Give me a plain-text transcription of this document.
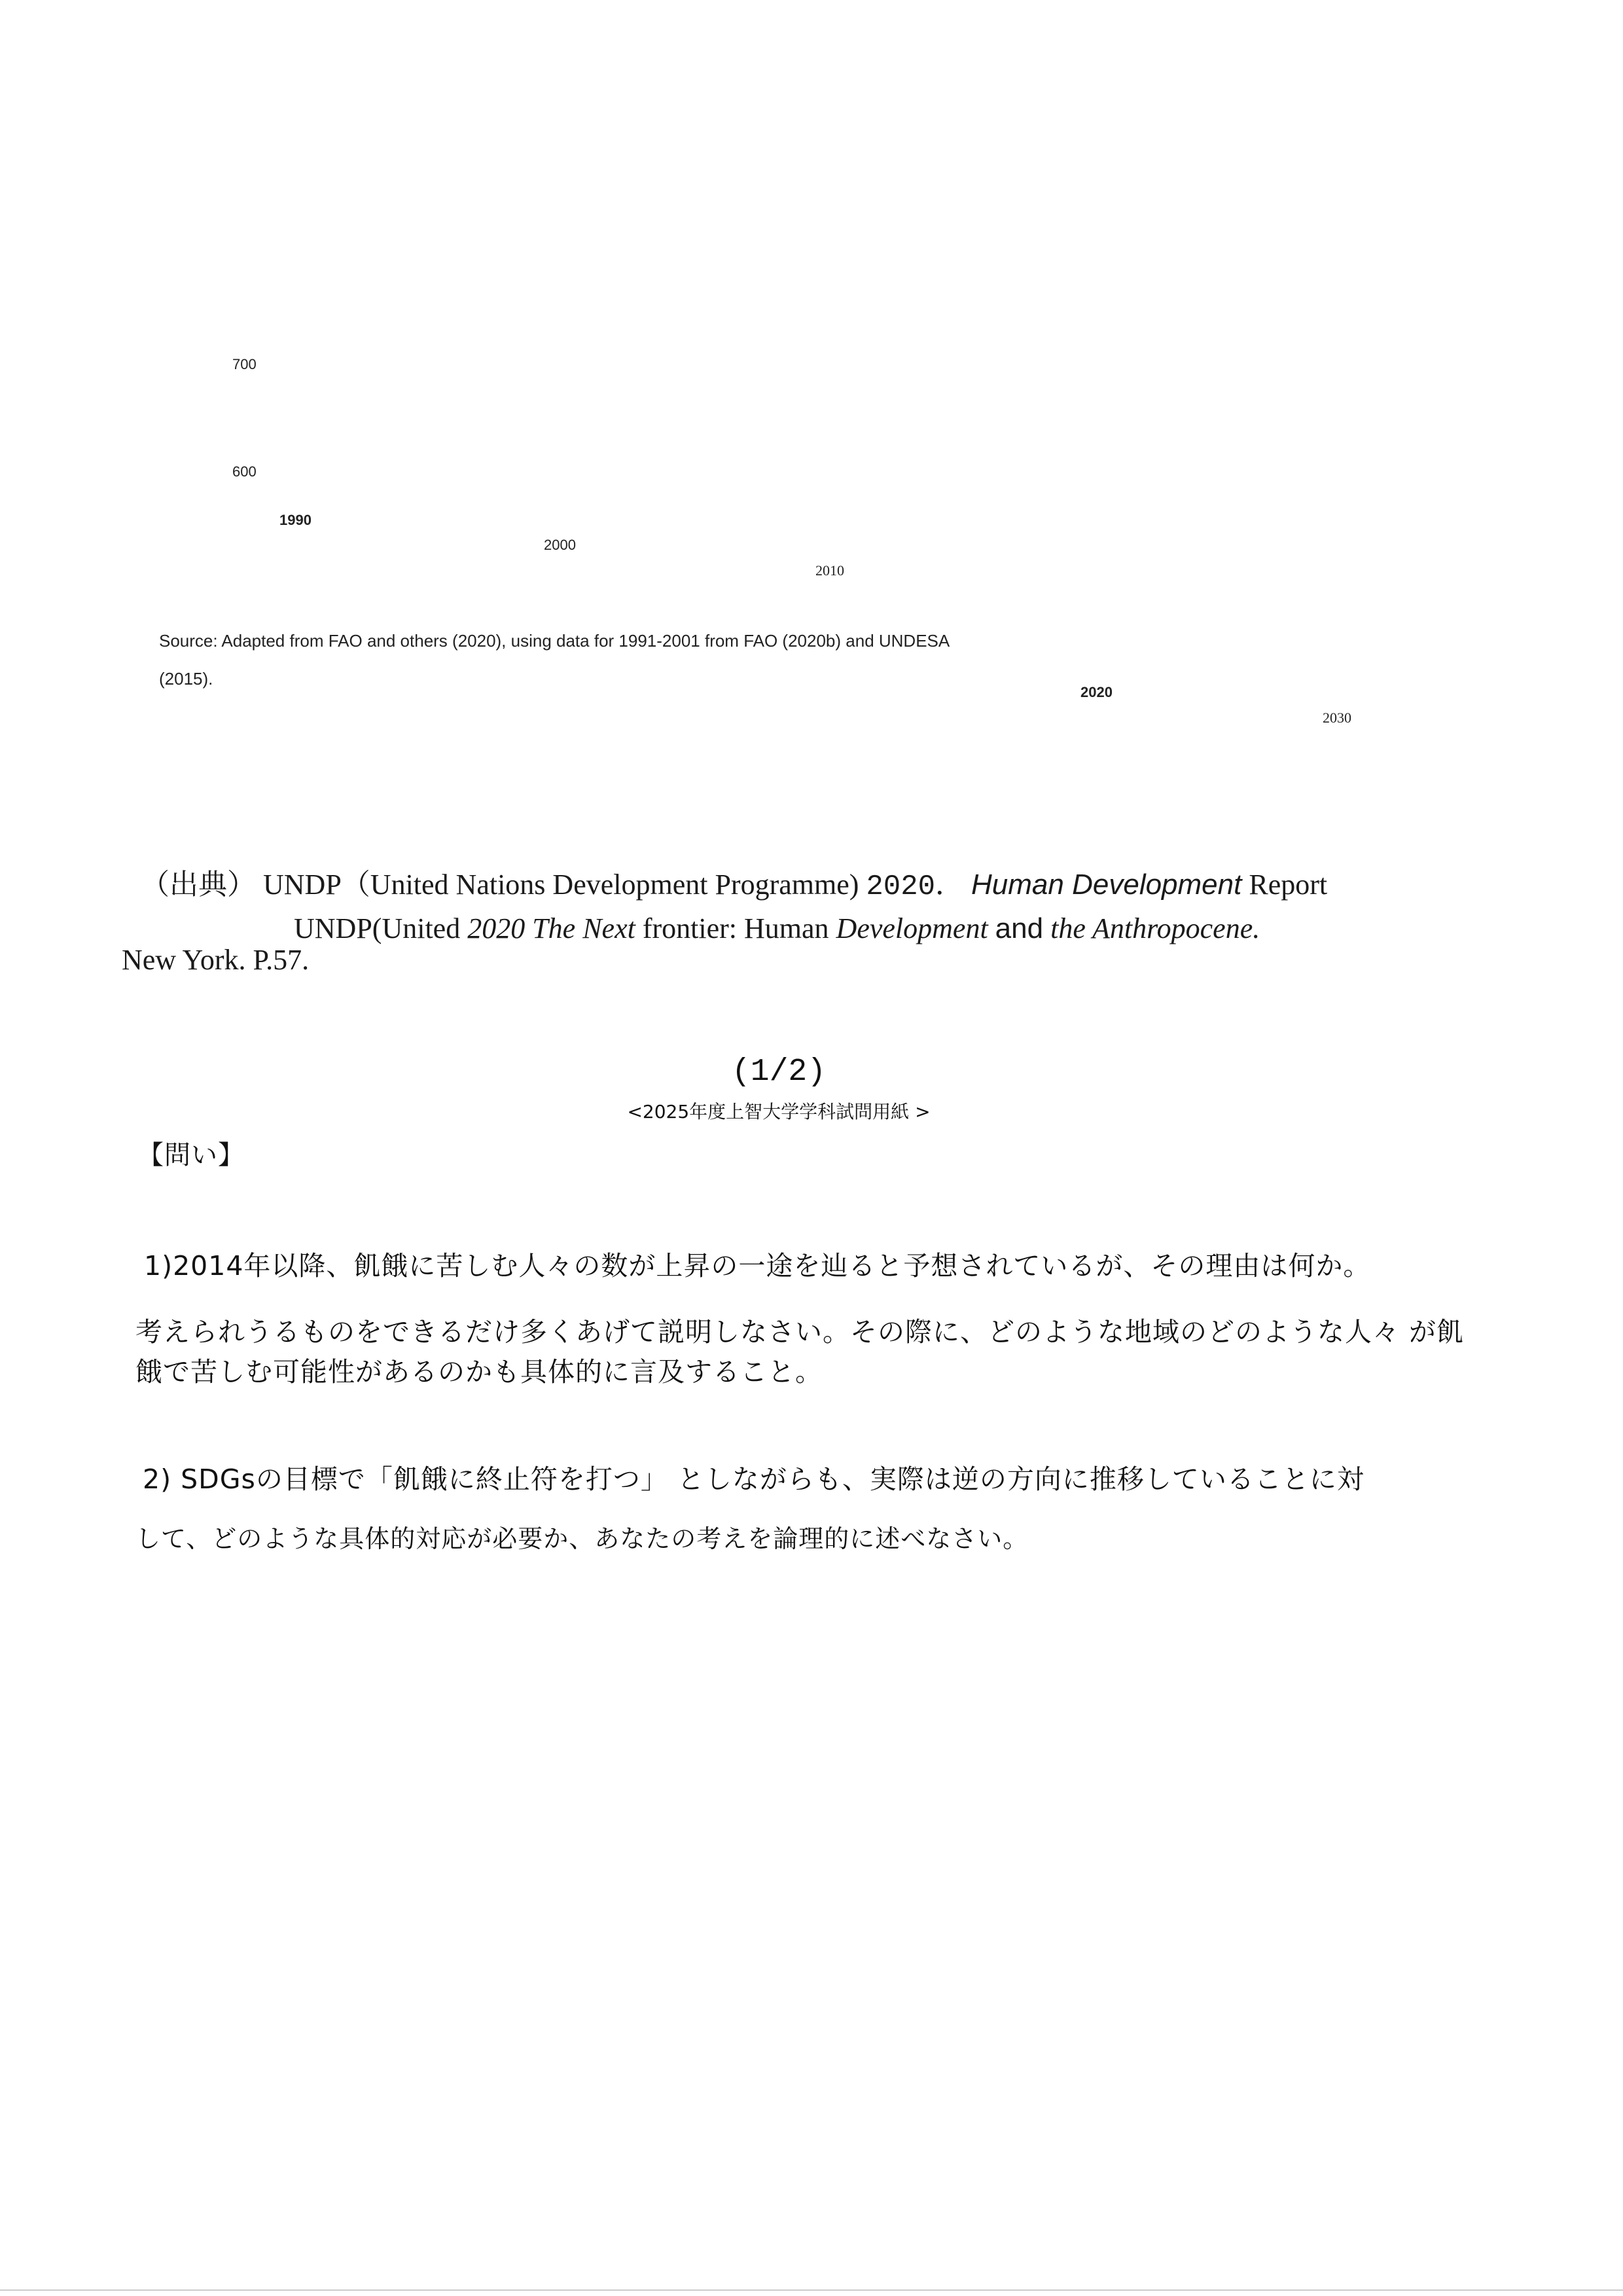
700
600
1990
2000
2010
2020
2030
Source: Adapted from FAO and others (2020), using data for 1991-2001 from FAO (2020b) and UNDESA
(2015).
（出典） UNDP（United Nations Development Programme) 2020． Human Development Report
UNDP(United 2020 The Next frontier: Human Development and the Anthropocene.
New York. P.57.
(1/2)
<2025年度上智大学学科試問用紙 >
【問い】
1)2014年以降、飢餓に苦しむ人々の数が上昇の一途を辿ると予想されているが、その理由は何か。
考えられうるものをできるだけ多くあげて説明しなさい。その際に、どのような地域のどのような人々 が飢
餓で苦しむ可能性があるのかも具体的に言及すること。
2) SDGsの目標で「飢餓に終止符を打つ」 としながらも、実際は逆の方向に推移していることに対
して、どのような具体的対応が必要か、あなたの考えを論理的に述べなさい。
